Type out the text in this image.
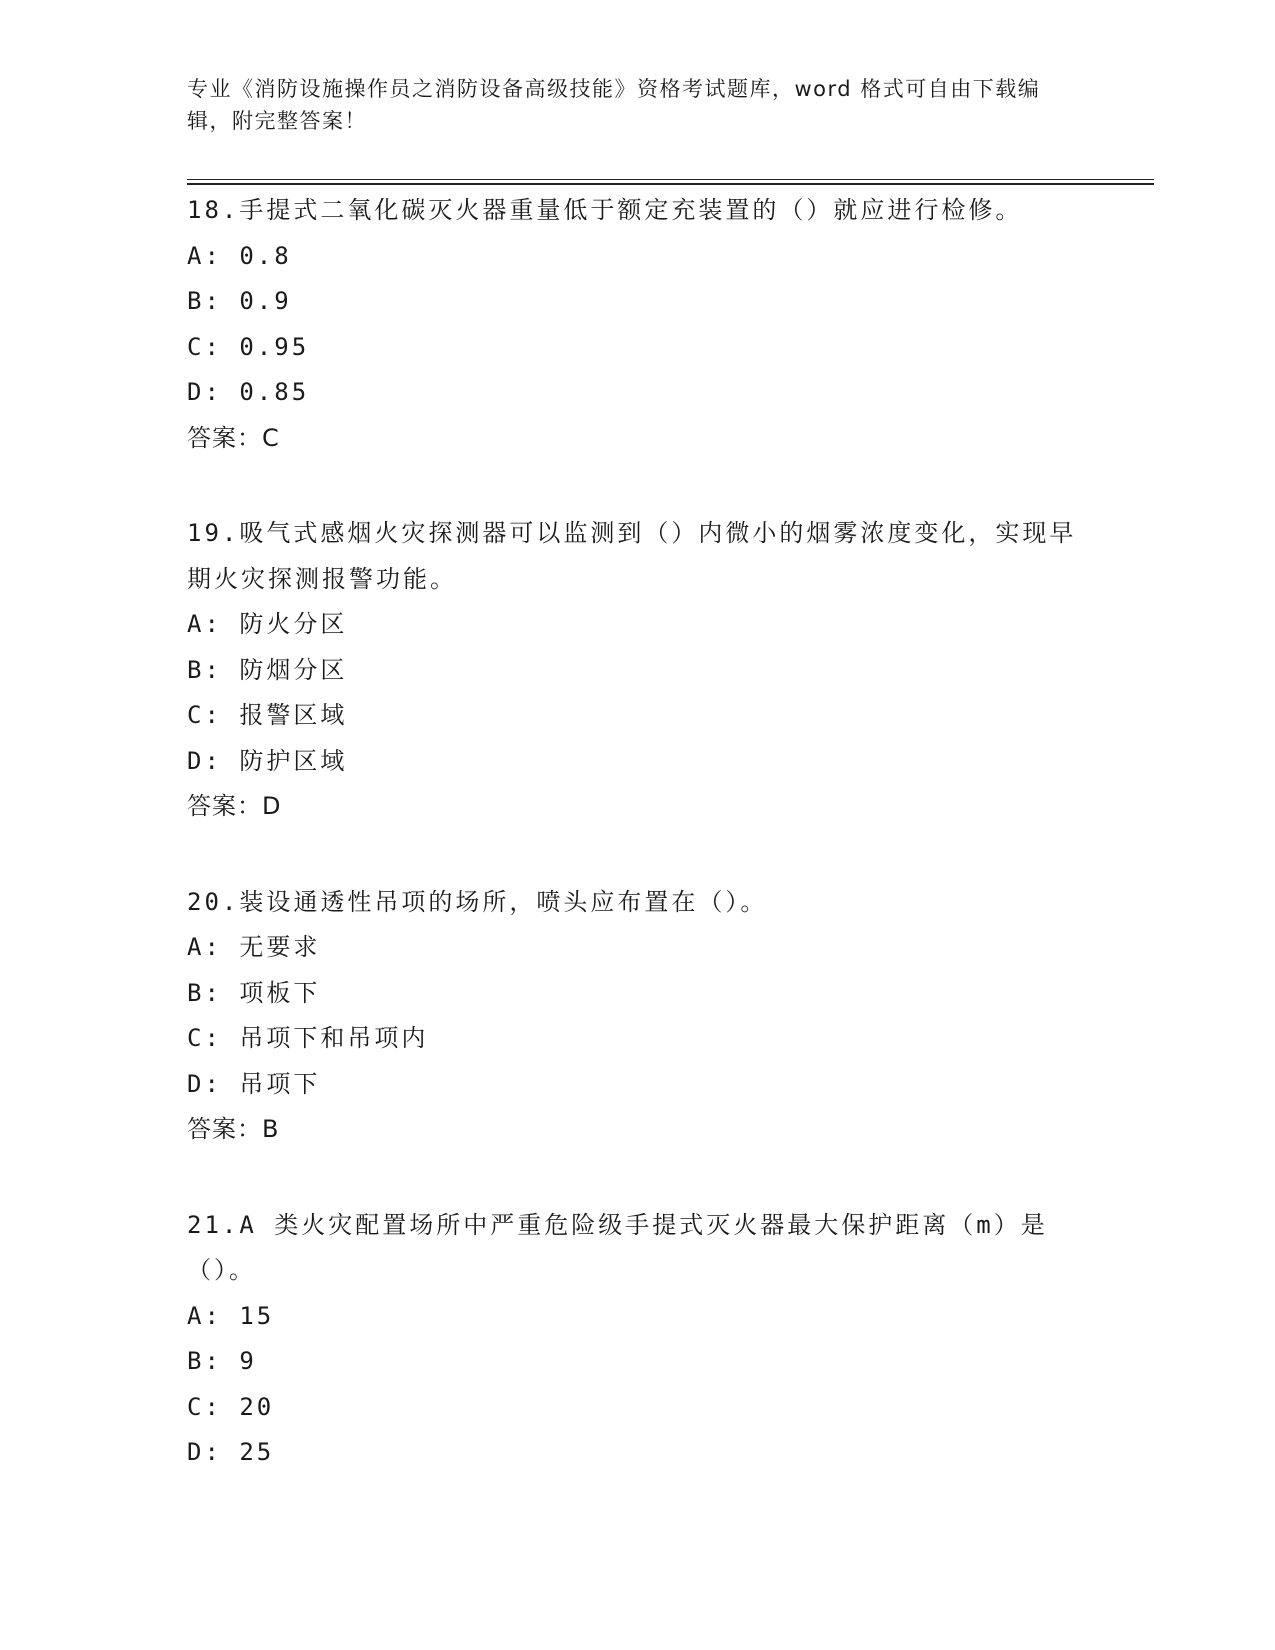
专业《消防设施操作员之消防设备高级技能》资格考试题库，word 格式可自由下载编辑，附完整答案！
18.手提式二氧化碳灭火器重量低于额定充装置的（）就应进行检修。
A: 0.8
B: 0.9
C: 0.95
D: 0.85
答案：C
19.吸气式感烟火灾探测器可以监测到（）内微小的烟雾浓度变化，实现早期火灾探测报警功能。
A: 防火分区
B: 防烟分区
C: 报警区域
D: 防护区域
答案：D
20.装设通透性吊项的场所，喷头应布置在（）。
A: 无要求
B: 项板下
C: 吊项下和吊项内
D: 吊项下
答案：B
21.A 类火灾配置场所中严重危险级手提式灭火器最大保护距离（m）是（）。
A: 15
B: 9
C: 20
D: 25
